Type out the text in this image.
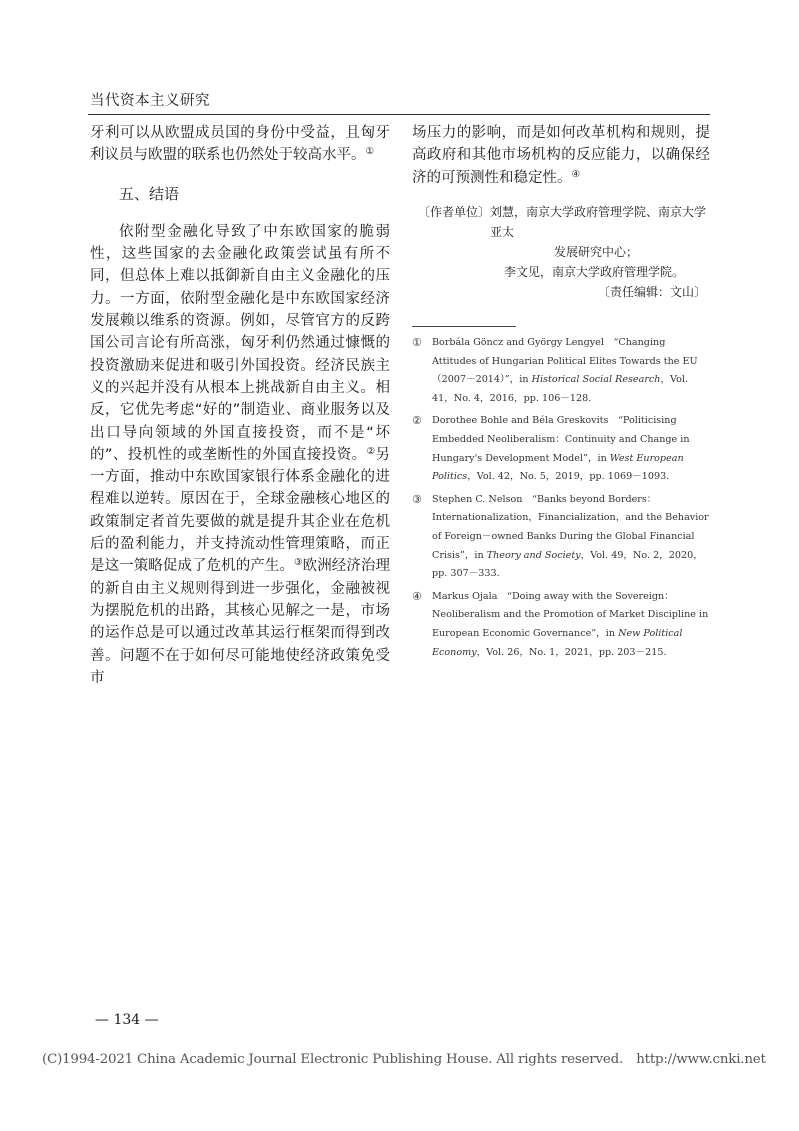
当代资本主义研究

牙利可以从欧盟成员国的身份中受益，且匈牙利议员与欧盟的联系也仍然处于较高水平。①

五、结语

依附型金融化导致了中东欧国家的脆弱性，这些国家的去金融化政策尝试虽有所不同，但总体上难以抵御新自由主义金融化的压力。一方面，依附型金融化是中东欧国家经济发展赖以维系的资源。例如，尽管官方的反跨国公司言论有所高涨，匈牙利仍然通过慷慨的投资激励来促进和吸引外国投资。经济民族主义的兴起并没有从根本上挑战新自由主义。相反，它优先考虑“好的”制造业、商业服务以及出口导向领域的外国直接投资，而不是“坏的”、投机性的或垄断性的外国直接投资。②另一方面，推动中东欧国家银行体系金融化的进程难以逆转。原因在于，全球金融核心地区的政策制定者首先要做的就是提升其企业在危机后的盈利能力，并支持流动性管理策略，而正是这一策略促成了危机的产生。③欧洲经济治理的新自由主义规则得到进一步强化，金融被视为摆脱危机的出路，其核心见解之一是，市场的运作总是可以通过改革其运行框架而得到改善。问题不在于如何尽可能地使经济政策免受市

场压力的影响，而是如何改革机构和规则，提高政府和其他市场机构的反应能力，以确保经济的可预测性和稳定性。④

〔作者单位〕 刘慧，南京大学政府管理学院、南京大学亚太
发展研究中心；
李文见，南京大学政府管理学院。
〔责任编辑：文山〕
①	Borbála Göncz and György Lengyel　“Changing Attitudes of Hungarian Political Elites Towards the EU（2007－2014）”，in Historical Social Research，Vol. 41，No. 4，2016，pp. 106－128.
②	Dorothee Bohle and Béla Greskovits　“Politicising Embedded Neoliberalism：Continuity and Change in Hungary's Development Model”，in West European Politics，Vol. 42，No. 5，2019，pp. 1069－1093.
③	Stephen C. Nelson　“Banks beyond Borders：Internationalization，Financialization，and the Behavior of Foreign－owned Banks During the Global Financial Crisis”，in Theory and Society，Vol. 49，No. 2，2020，pp. 307－333.
④	Markus Ojala　“Doing away with the Sovereign：Neoliberalism and the Promotion of Market Discipline in European Economic Governance”，in New Political Economy，Vol. 26，No. 1，2021，pp. 203－215.
— 134 —
(C)1994-2021 China Academic Journal Electronic Publishing House. All rights reserved.　http://www.cnki.net
